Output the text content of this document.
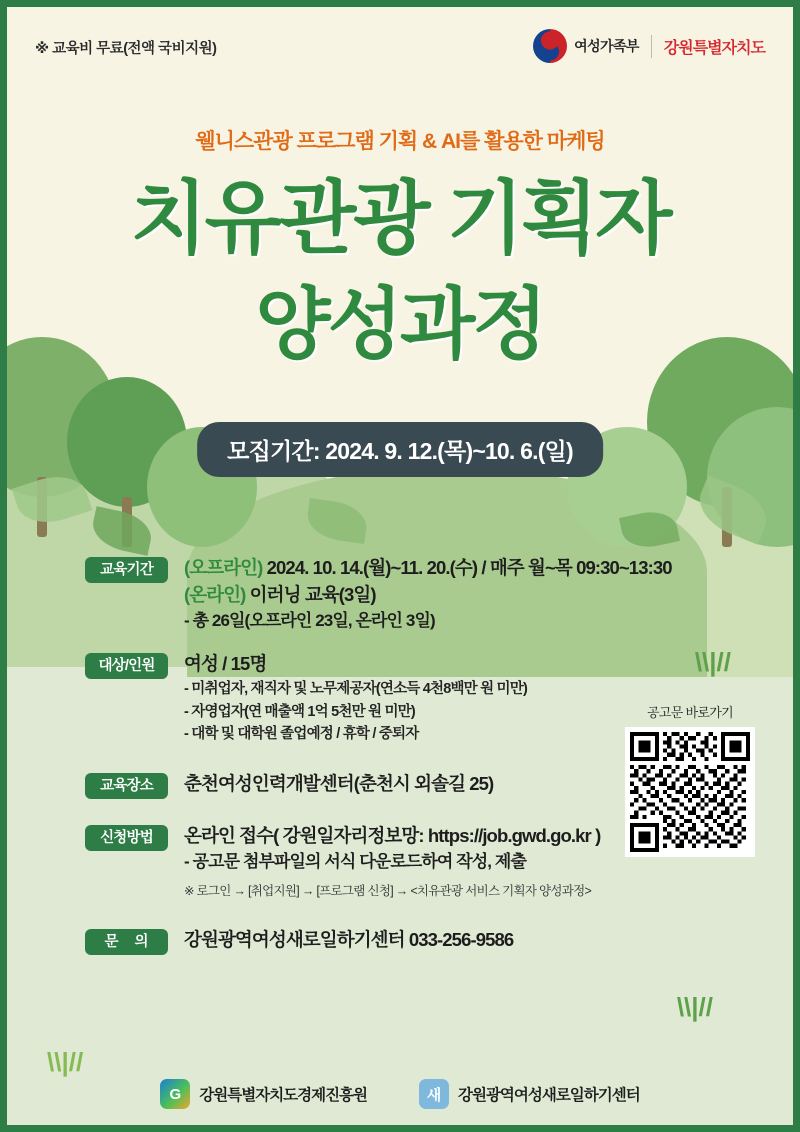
※ 교육비 무료(전액 국비지원)	여성가족부	강원특별자치도
웰니스관광 프로그램 기획 & AI를 활용한 마케팅
치유관광 기획자
양성과정
모집기간: 2024. 9. 12.(목)~10. 6.(일)
교육기간	(오프라인) 2024. 10. 14.(월)~11. 20.(수) / 매주 월~목 09:30~13:30
(온라인) 이러닝 교육(3일)
- 총 26일(오프라인 23일, 온라인 3일)
대상/인원	여성 / 15명
- 미취업자, 재직자 및 노무제공자(연소득 4천8백만 원 미만)
- 자영업자(연 매출액 1억 5천만 원 미만)
- 대학 및 대학원 졸업예정 / 휴학 / 중퇴자
교육장소	춘천여성인력개발센터(춘천시 외솔길 25)
신청방법	온라인 접수( 강원일자리정보망: https://job.gwd.go.kr )
- 공고문 첨부파일의 서식 다운로드하여 작성, 제출
※ 로그인 → [취업지원] → [프로그램 신청] → <치유관광 서비스 기획자 양성과정>
문 의	강원광역여성새로일하기센터 033-256-9586
공고문 바로가기
\\|//
\\|//
\\|//
G	강원특별자치도경제진흥원	새	강원광역여성새로일하기센터
